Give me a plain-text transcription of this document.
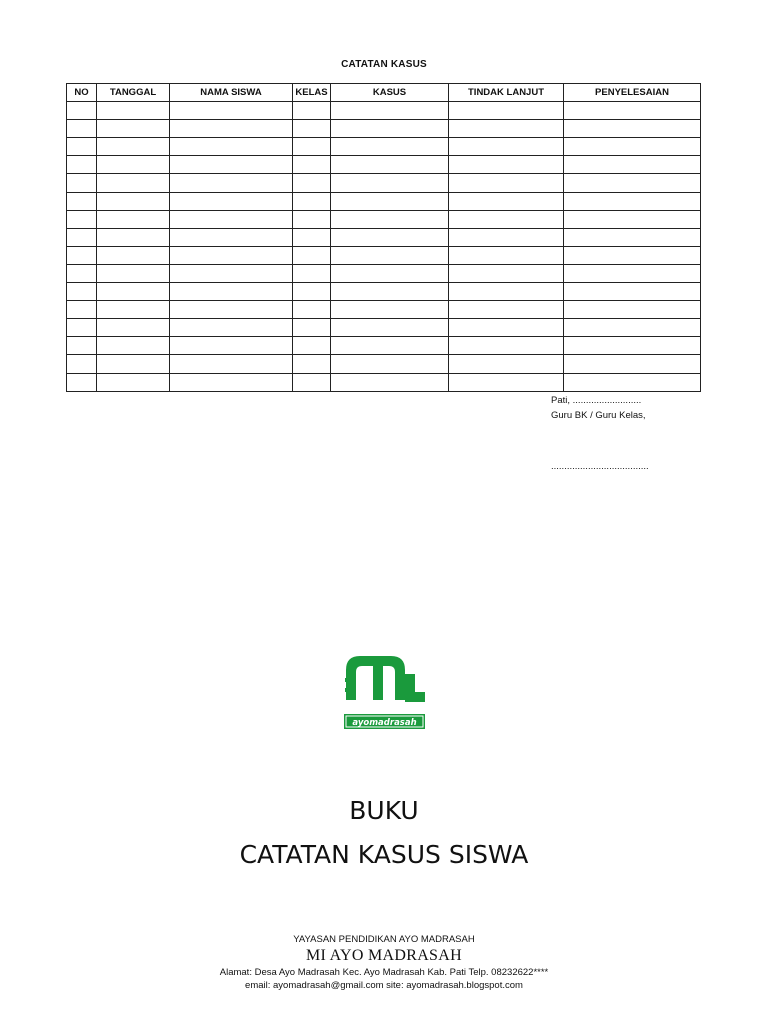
CATATAN KASUS
NO	TANGGAL	NAMA SISWA	KELAS	KASUS	TINDAK LANJUT	PENYELESAIAN

Pati, ..........................
Guru BK / Guru Kelas,
.....................................
ayomadrasah
BUKU
CATATAN KASUS SISWA
YAYASAN PENDIDIKAN AYO MADRASAH
MI AYO MADRASAH
Alamat: Desa Ayo Madrasah Kec. Ayo Madrasah Kab. Pati Telp. 08232622****
email: ayomadrasah@gmail.com site: ayomadrasah.blogspot.com
